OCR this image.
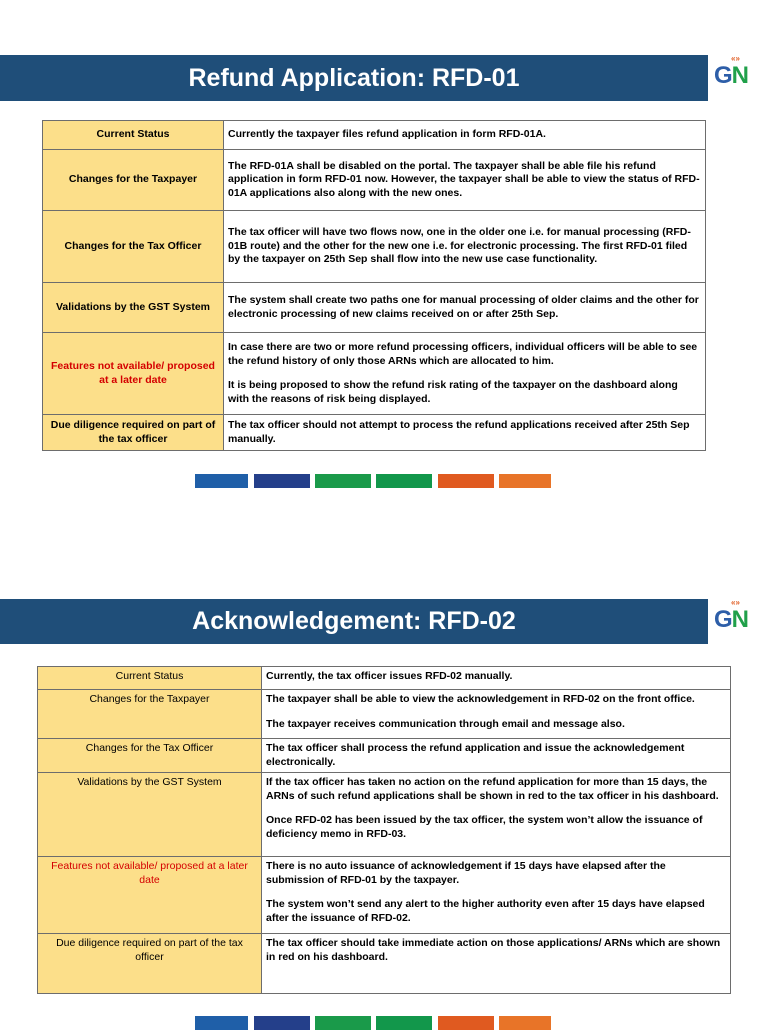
Refund Application: RFD-01	GN
«»
Current Status	Currently the taxpayer files refund application in form RFD-01A.

Changes for the Taxpayer	The RFD-01A shall be disabled on the portal. The taxpayer shall be able file his refund application in form RFD-01 now. However, the taxpayer shall be able to view the status of RFD-01A applications also along with the new ones.

Changes for the Tax Officer	The tax officer will have two flows now, one in the older one i.e. for manual processing (RFD-01B route) and the other for the new one i.e. for electronic processing. The first RFD-01 filed by the taxpayer on 25th Sep shall flow into the new use case functionality.

Validations by the GST System	The system shall create two paths one for manual processing of older claims and the other for electronic processing of new claims received on or after 25th Sep.

Features not available/ proposed at a later date	In case there are two or more refund processing officers, individual officers will be able to see the refund history of only those ARNs which are allocated to him.
It is being proposed to show the refund risk rating of the taxpayer on the dashboard along with the reasons of risk being displayed.

Due diligence required on part of the tax officer	The tax officer should not attempt to process the refund applications received after 25th Sep manually.
Acknowledgement: RFD-02	GN
«»
Current Status	Currently, the tax officer issues RFD-02 manually.

Changes for the Taxpayer	The taxpayer shall be able to view the acknowledgement in RFD-02 on the front office.
The taxpayer receives communication through email and message also.

Changes for the Tax Officer	The tax officer shall process the refund application and issue the acknowledgement electronically.

Validations by the GST System	If the tax officer has taken no action on the refund application for more than 15 days, the ARNs of such refund applications shall be shown in red to the tax officer in his dashboard.
Once RFD-02 has been issued by the tax officer, the system won’t allow the issuance of deficiency memo in RFD-03.

Features not available/ proposed at a later date	There is no auto issuance of acknowledgement if 15 days have elapsed after the submission of RFD-01 by the taxpayer.
The system won’t send any alert to the higher authority even after 15 days have elapsed after the issuance of RFD-02.

Due diligence required on part of the tax officer	The tax officer should take immediate action on those applications/ ARNs which are shown in red on his dashboard.
